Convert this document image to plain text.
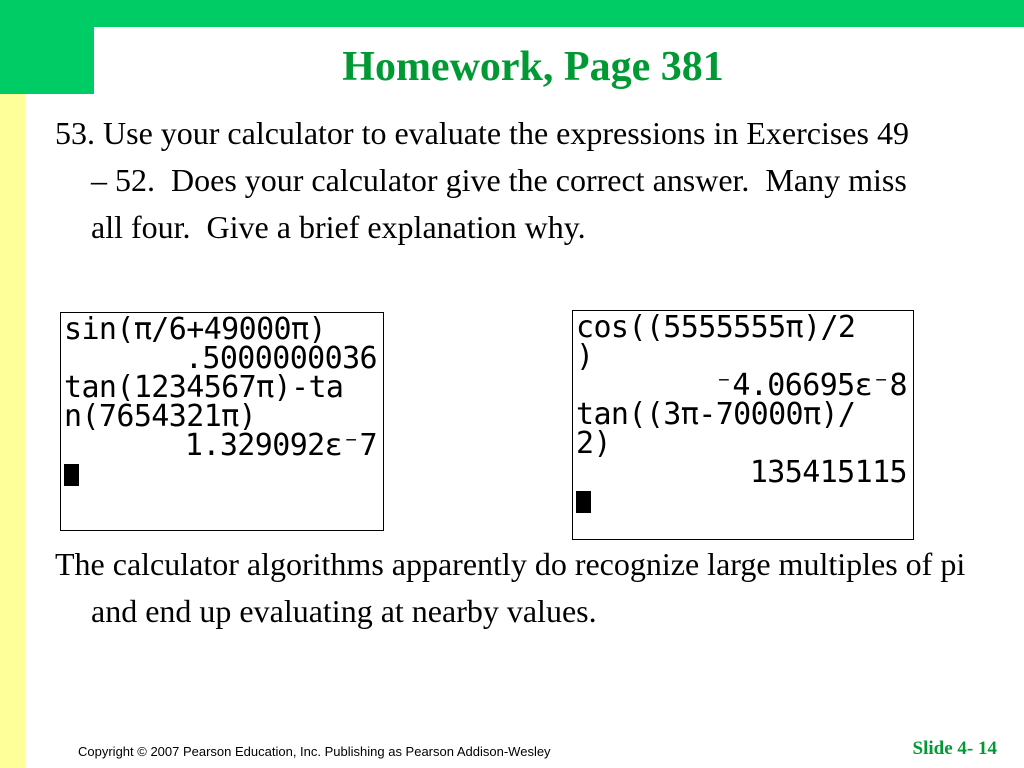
Homework, Page 381

53. Use your calculator to evaluate the expressions in Exercises 49 – 52.  Does your calculator give the correct answer.  Many miss all four.  Give a brief explanation why.

sin(π/6+49000π)
.5000000036
tan(1234567π)-ta
n(7654321π)
1.329092ε⁻7
cos((5555555π)/2
)
⁻4.06695ε⁻8
tan((3π-70000π)/
2)
135415115

The calculator algorithms apparently do recognize large multiples of pi and end up evaluating at nearby values.

Copyright © 2007 Pearson Education, Inc. Publishing as Pearson Addison-Wesley	Slide 4- 14
